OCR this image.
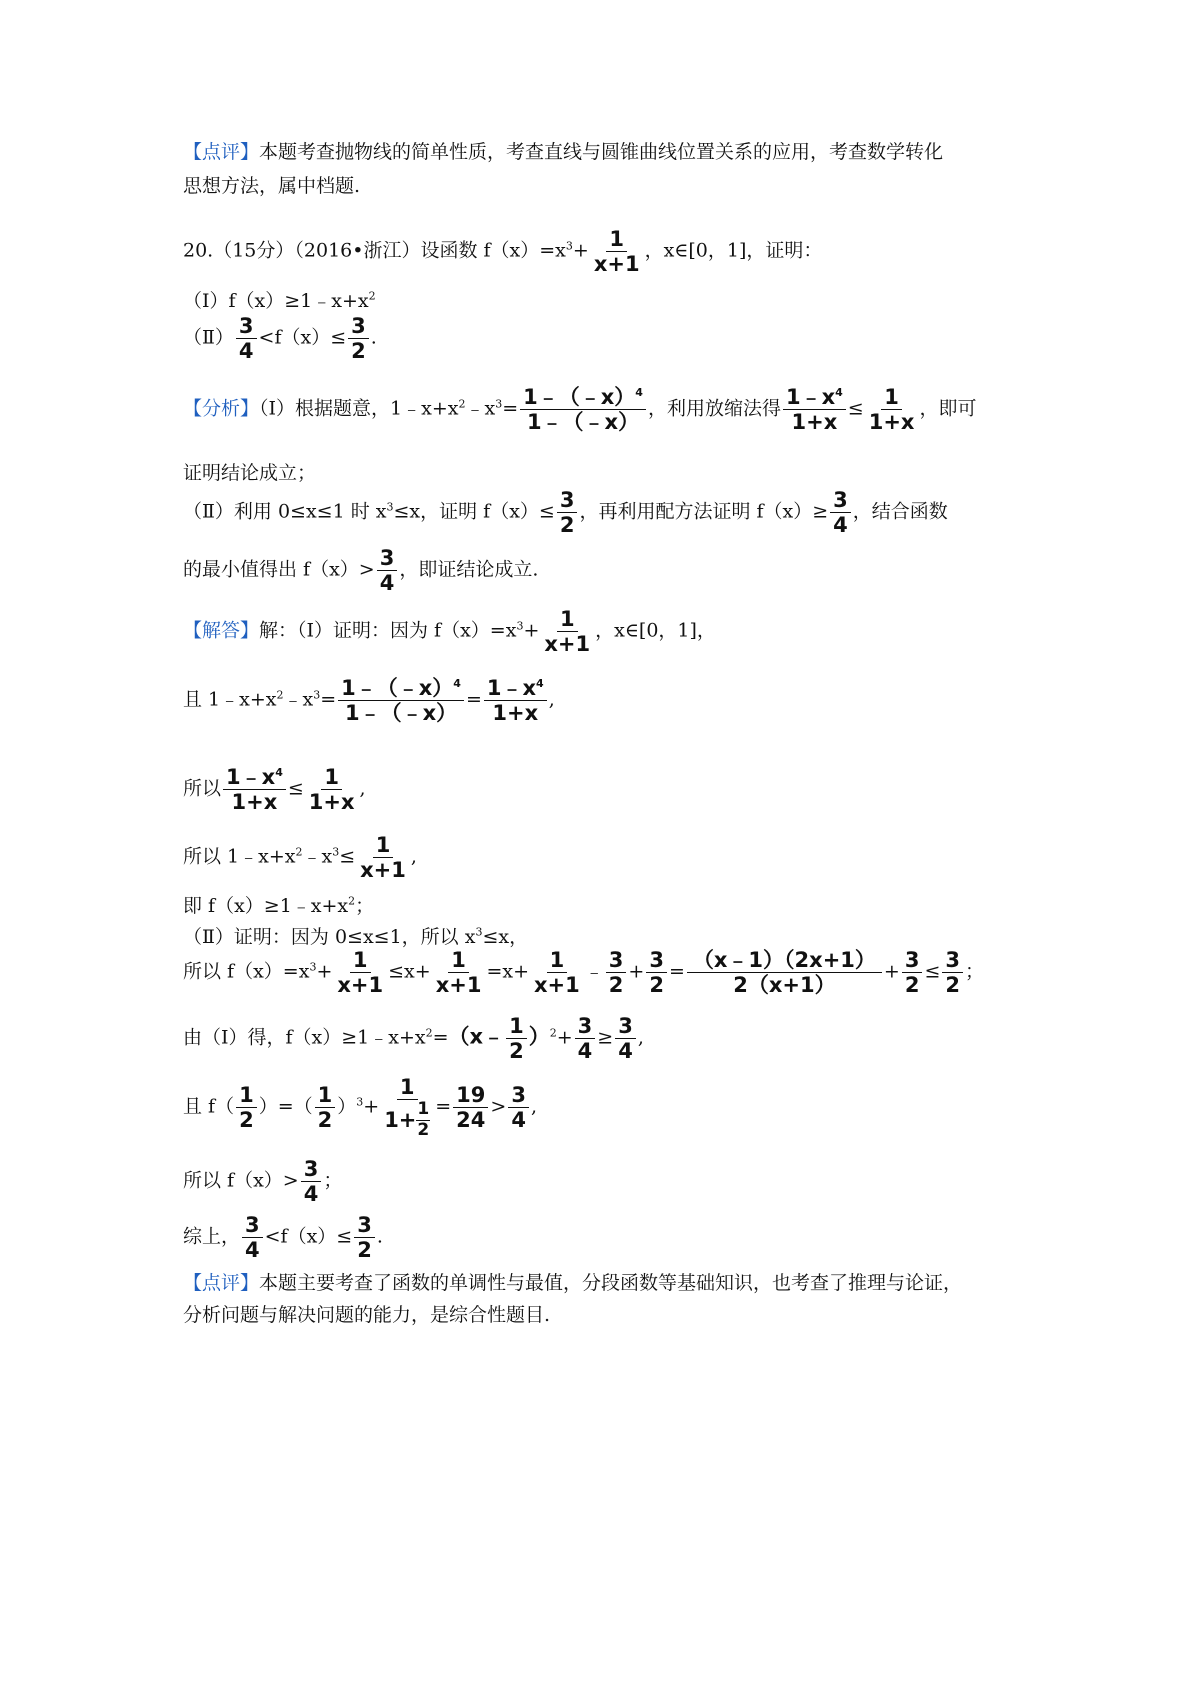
【点评】本题考查抛物线的简单性质，考查直线与圆锥曲线位置关系的应用，考查数学转化
思想方法，属中档题.
20.（15分）（2016•浙江）设函数 $f(x)=x^3+ \frac{1}{x+1}$ ，x∈[0，1]，证明：
$(Ⅰ)f(x)\ge 1﹣x+x^2$
（Ⅱ） $\frac{3}{4} <f(x)\le \frac{3}{2}$ .
【分析】（Ⅰ）根据题意，$1﹣x+x^2﹣x^3= \frac{1﹣(﹣x)^4}{1﹣(﹣x)}$ ，利用放缩法得 $\frac{1﹣x^4}{1+x} \le \frac{1}{1+x}$ ，即可
证明结论成立；
（Ⅱ）利用 0≤x≤1 时 $x^3\le x$，证明 $f(x)\le \frac{3}{2}$ ，再利用配方法证明 $f(x)\ge \frac{3}{4}$ ，结合函数
的最小值得出 $f(x)> \frac{3}{4}$ ，即证结论成立.
【解答】解：（Ⅰ）证明：因为 $f(x)=x^3+ \frac{1}{x+1}$ ，x∈[0，1]，
且 $1﹣x+x^2﹣x^3= \frac{1﹣(﹣x)^4}{1﹣(﹣x)} = \frac{1﹣x^4}{1+x}$ ,
所以 $\frac{1﹣x^4}{1+x} \le \frac{1}{1+x}$ ,
所以 $1﹣x+x^2﹣x^3\le \frac{1}{x+1}$ ,
即 $f(x)\ge 1﹣x+x^2$；
（Ⅱ）证明：因为 0≤x≤1，所以 $x^3\le x$，
所以 $f(x)=x^3+ \frac{1}{x+1} \le x+ \frac{1}{x+1} =x+ \frac{1}{x+1}$ ﹣ $\frac{3}{2} + \frac{3}{2} = \frac{(x﹣1)(2x+1)}{2(x+1)} + \frac{3}{2} \le \frac{3}{2}$ ；
由（Ⅰ）得，$f(x)\ge 1﹣x+x^2=(x﹣ \frac{1}{2} )^2+ \frac{3}{4} \ge \frac{3}{4}$ ,
且 $f( \frac{1}{2}$ ）=（ $\frac{1}{2} )^3+ \frac{1}{1+ \frac{1}{2}} = \frac{19}{24} > \frac{3}{4}$ ,
所以 $f(x)> \frac{3}{4}$ ；
综上， $\frac{3}{4} <f(x)\le \frac{3}{2}$ .
【点评】本题主要考查了函数的单调性与最值，分段函数等基础知识，也考查了推理与论证，
分析问题与解决问题的能力，是综合性题目.
